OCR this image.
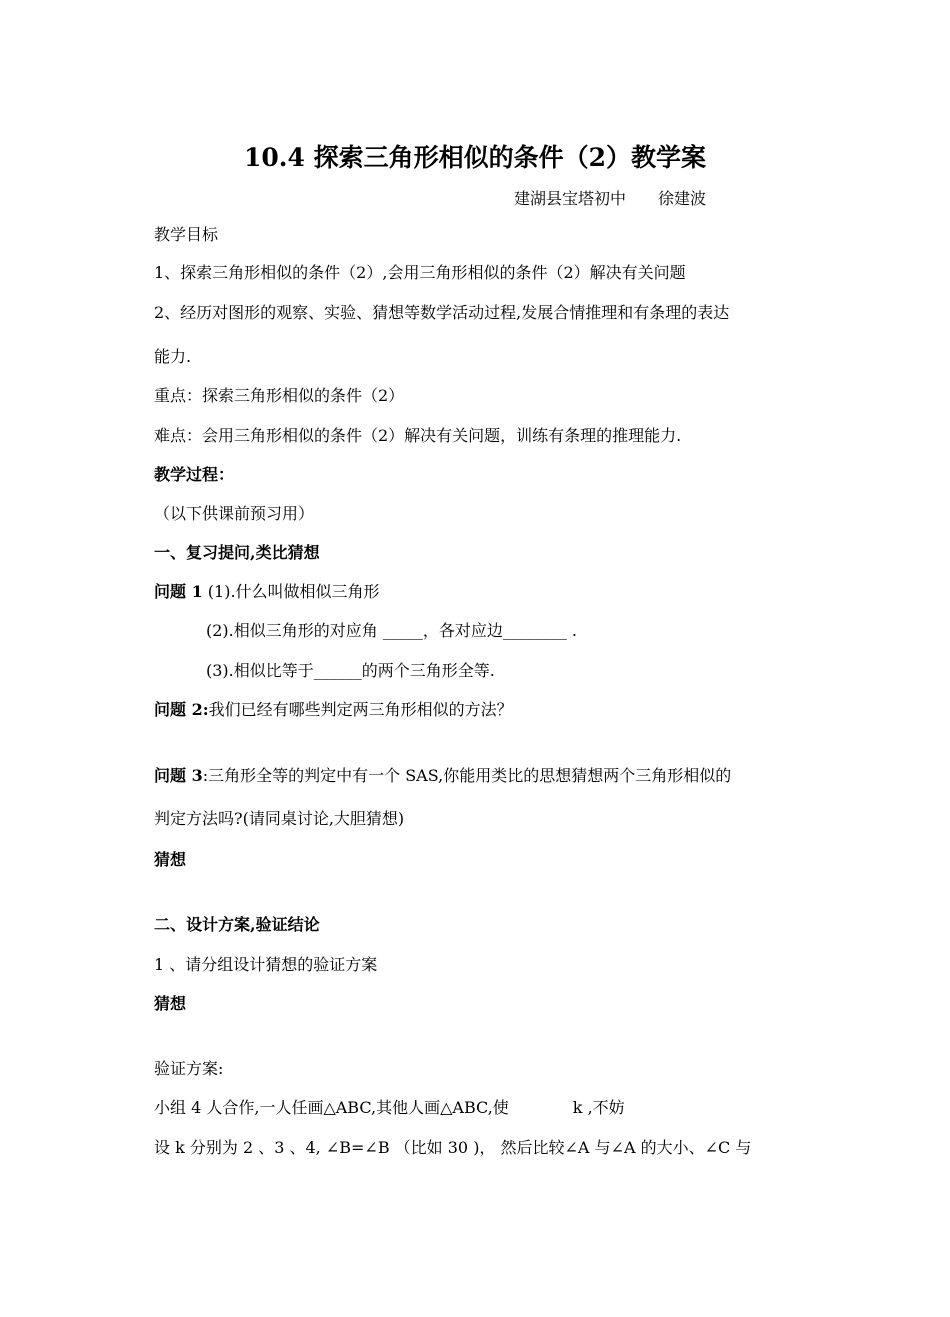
10.4 探索三角形相似的条件（2）教学案
建湖县宝塔初中　　徐建波
教学目标
1、探索三角形相似的条件（2）,会用三角形相似的条件（2）解决有关问题
2、经历对图形的观察、实验、猜想等数学活动过程,发展合情推理和有条理的表达
能力.
重点：探索三角形相似的条件（2）
难点：会用三角形相似的条件（2）解决有关问题，训练有条理的推理能力.
教学过程：
（以下供课前预习用）
一、复习提问,类比猜想
问题 1 (1).什么叫做相似三角形
(2).相似三角形的对应角 _____，各对应边________ .
(3).相似比等于______的两个三角形全等.
问题 2:我们已经有哪些判定两三角形相似的方法？
问题 3:三角形全等的判定中有一个 SAS,你能用类比的思想猜想两个三角形相似的
判定方法吗?(请同桌讨论,大胆猜想)
猜想
二、设计方案,验证结论
1 、请分组设计猜想的验证方案
猜想
验证方案:
小组 4 人合作,一人任画△ABC,其他人画△ABC,使　　　　k ,不妨
设 k 分别为 2 、3 、4, ∠B=∠B （比如 30 )， 然后比较∠A 与∠A 的大小、∠C 与
